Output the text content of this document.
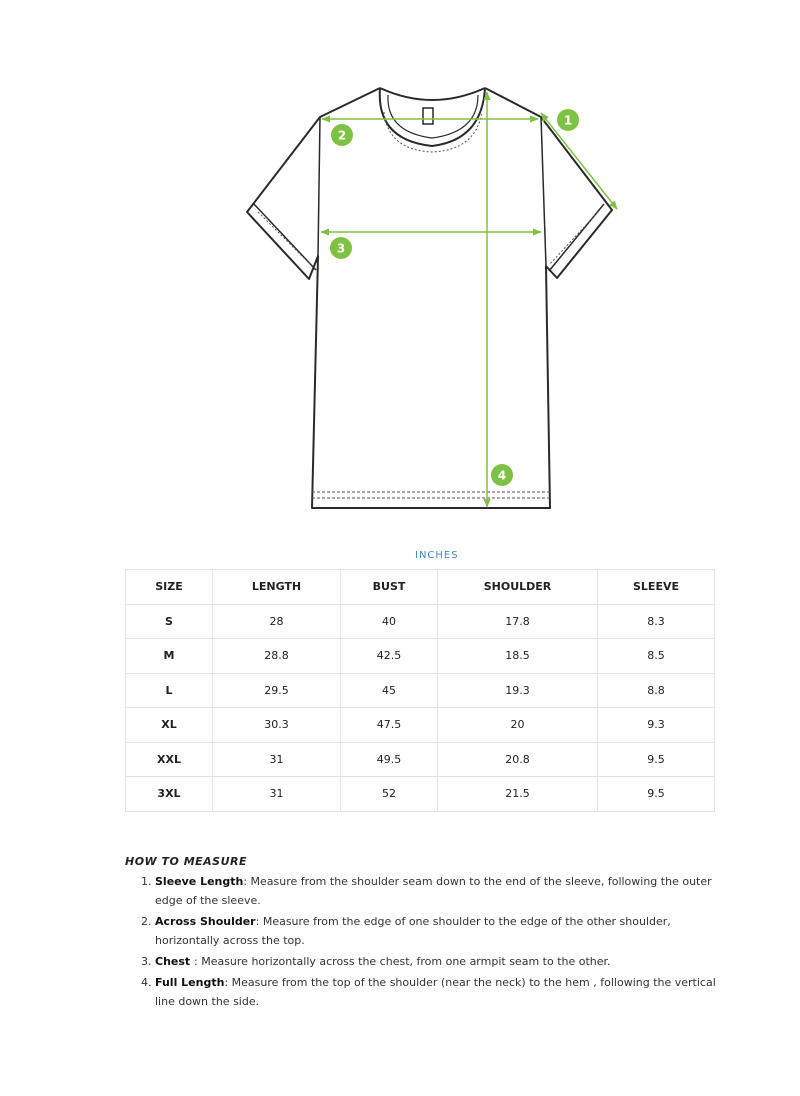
1
2
3
4
INCHES
SIZE	LENGTH	BUST	SHOULDER	SLEEVE
S	28	40	17.8	8.3
M	28.8	42.5	18.5	8.5
L	29.5	45	19.3	8.8
XL	30.3	47.5	20	9.3
XXL	31	49.5	20.8	9.5
3XL	31	52	21.5	9.5
HOW TO MEASURE
1. Sleeve Length: Measure from the shoulder seam down to the end of the sleeve, following the outer edge of the sleeve.
2. Across Shoulder: Measure from the edge of one shoulder to the edge of the other shoulder, horizontally across the top.
3. Chest : Measure horizontally across the chest, from one armpit seam to the other.
4. Full Length: Measure from the top of the shoulder (near the neck) to the hem , following the vertical line down the side.
